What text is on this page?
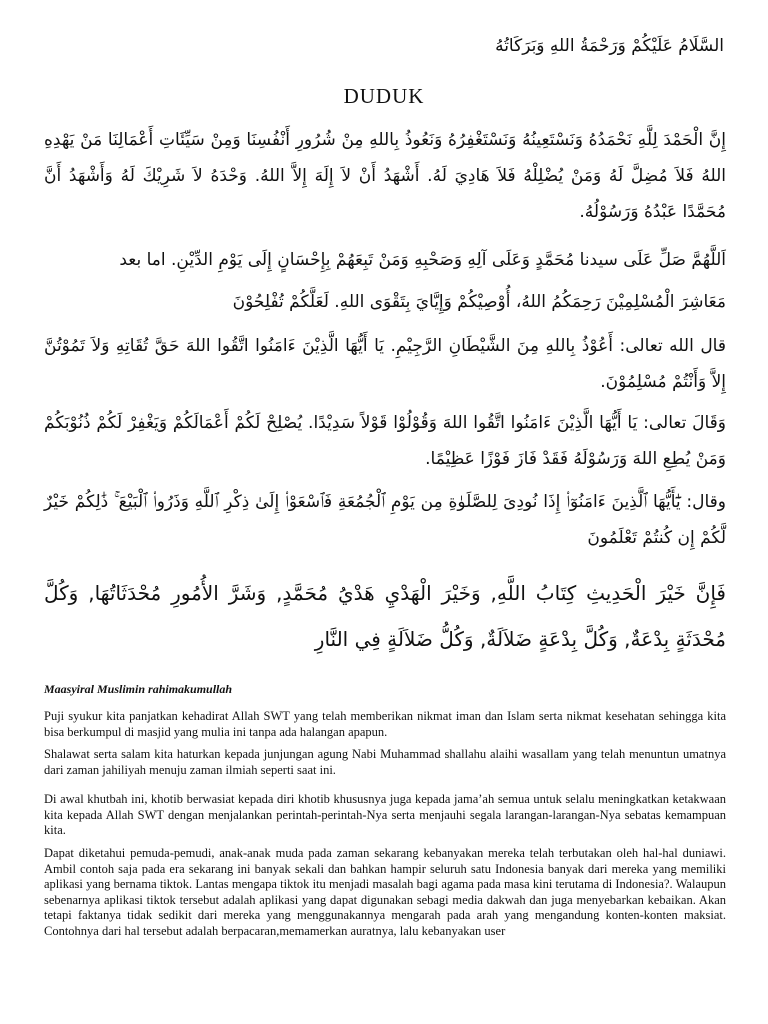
السَّلَامُ عَلَيْكُمْ وَرَحْمَةُ اللهِ وَبَرَكَاتُهُ
DUDUK
إِنَّ الْحَمْدَ لِلَّهِ نَحْمَدُهُ وَنَسْتَعِينُهُ وَنَسْتَغْفِرُهُ وَنَعُوذُ بِاللهِ مِنْ شُرُورِ أَنْفُسِنَا وَمِنْ سَيِّئَاتِ أَعْمَالِنَا مَنْ يَهْدِهِ اللهُ فَلاَ مُضِلَّ لَهُ وَمَنْ يُضْلِلْهُ فَلاَ هَادِيَ لَهُ. أَشْهَدُ أَنْ لاَ إِلَهَ إِلاَّ اللهُ. وَحْدَهُ لاَ شَرِيْكَ لَهُ وَأَشْهَدُ أَنَّ مُحَمَّدًا عَبْدُهُ وَرَسُوْلُهُ.
اَللَّهُمَّ صَلِّ عَلَى سيدنا مُحَمَّدٍ وَعَلَى آلِهِ وَصَحْبِهِ وَمَنْ تَبِعَهُمْ بِإِحْسَانٍ إِلَى يَوْمِ الدِّيْنِ. اما بعد
مَعَاشِرَ الْمُسْلِمِيْنَ رَحِمَكُمُ اللهُ، أُوْصِيْكُمْ وَإِيَّايَ بِتَقْوَى اللهِ. لَعَلَّكُمْ تُفْلِحُوْنَ
قال الله تعالى: أَعُوْذُ بِاللهِ مِنَ الشَّيْطَانِ الرَّجِيْمِ. يَا أَيُّهَا الَّذِيْنَ ءَامَنُوا اتَّقُوا اللهَ حَقَّ تُقَاتِهِ وَلاَ تَمُوْتُنَّ إِلاَّ وَأَنْتُمْ مُسْلِمُوْنَ.
وَقَالَ تعالى: يَا أَيُّهَا الَّذِيْنَ ءَامَنُوا اتَّقُوا اللهَ وَقُوْلُوْا قَوْلاً سَدِيْدًا. يُصْلِحْ لَكُمْ أَعْمَالَكُمْ وَيَغْفِرْ لَكُمْ ذُنُوْبَكُمْ وَمَنْ يُطِعِ اللهَ وَرَسُوْلَهُ فَقَدْ فَازَ فَوْزًا عَظِيْمًا.
وقال: يَٰٓأَيُّهَا ٱلَّذِينَ ءَامَنُوٓا۟ إِذَا نُودِىَ لِلصَّلَوٰةِ مِن يَوْمِ ٱلْجُمُعَةِ فَٱسْعَوْا۟ إِلَىٰ ذِكْرِ ٱللَّهِ وَذَرُوا۟ ٱلْبَيْعَ ۚ ذَٰلِكُمْ خَيْرٌ لَّكُمْ إِن كُنتُمْ تَعْلَمُونَ
فَإِنَّ خَيْرَ الْحَدِيثِ كِتَابُ اللَّهِ, وَخَيْرَ الْهَدْيِ هَدْيُ مُحَمَّدٍ, وَشَرَّ الأُمُورِ مُحْدَثَاتُهَا, وَكُلَّ مُحْدَثَةٍ بِدْعَةٌ, وَكُلَّ بِدْعَةٍ ضَلاَلَةٌ, وَكُلُّ ضَلاَلَةٍ فِي النَّارِ
Maasyiral Muslimin rahimakumullah

Puji syukur kita panjatkan kehadirat Allah SWT yang telah memberikan nikmat iman dan Islam serta nikmat kesehatan sehingga kita bisa berkumpul di masjid yang mulia ini tanpa ada halangan apapun.

Shalawat serta salam kita haturkan kepada junjungan agung Nabi Muhammad shallahu alaihi wasallam yang telah menuntun umatnya dari zaman jahiliyah menuju zaman ilmiah seperti saat ini.

Di awal khutbah ini, khotib berwasiat kepada diri khotib khususnya juga kepada jama’ah semua untuk selalu meningkatkan ketakwaan kita kepada Allah SWT dengan menjalankan perintah-perintah-Nya serta menjauhi segala larangan-larangan-Nya sebatas kemampuan kita.

Dapat diketahui pemuda-pemudi, anak-anak muda pada zaman sekarang kebanyakan mereka telah terbutakan oleh hal-hal duniawi. Ambil contoh saja pada era sekarang ini banyak sekali dan bahkan hampir seluruh satu Indonesia banyak dari mereka yang memiliki aplikasi yang bernama tiktok. Lantas mengapa tiktok itu menjadi masalah bagi agama pada masa kini terutama di Indonesia?. Walaupun sebenarnya aplikasi tiktok tersebut adalah aplikasi yang dapat digunakan sebagi media dakwah dan juga menyebarkan kebaikan. Akan tetapi faktanya tidak sedikit dari mereka yang menggunakannya mengarah pada arah yang mengandung konten-konten maksiat. Contohnya dari hal tersebut adalah berpacaran,memamerkan auratnya, lalu kebanyakan user
